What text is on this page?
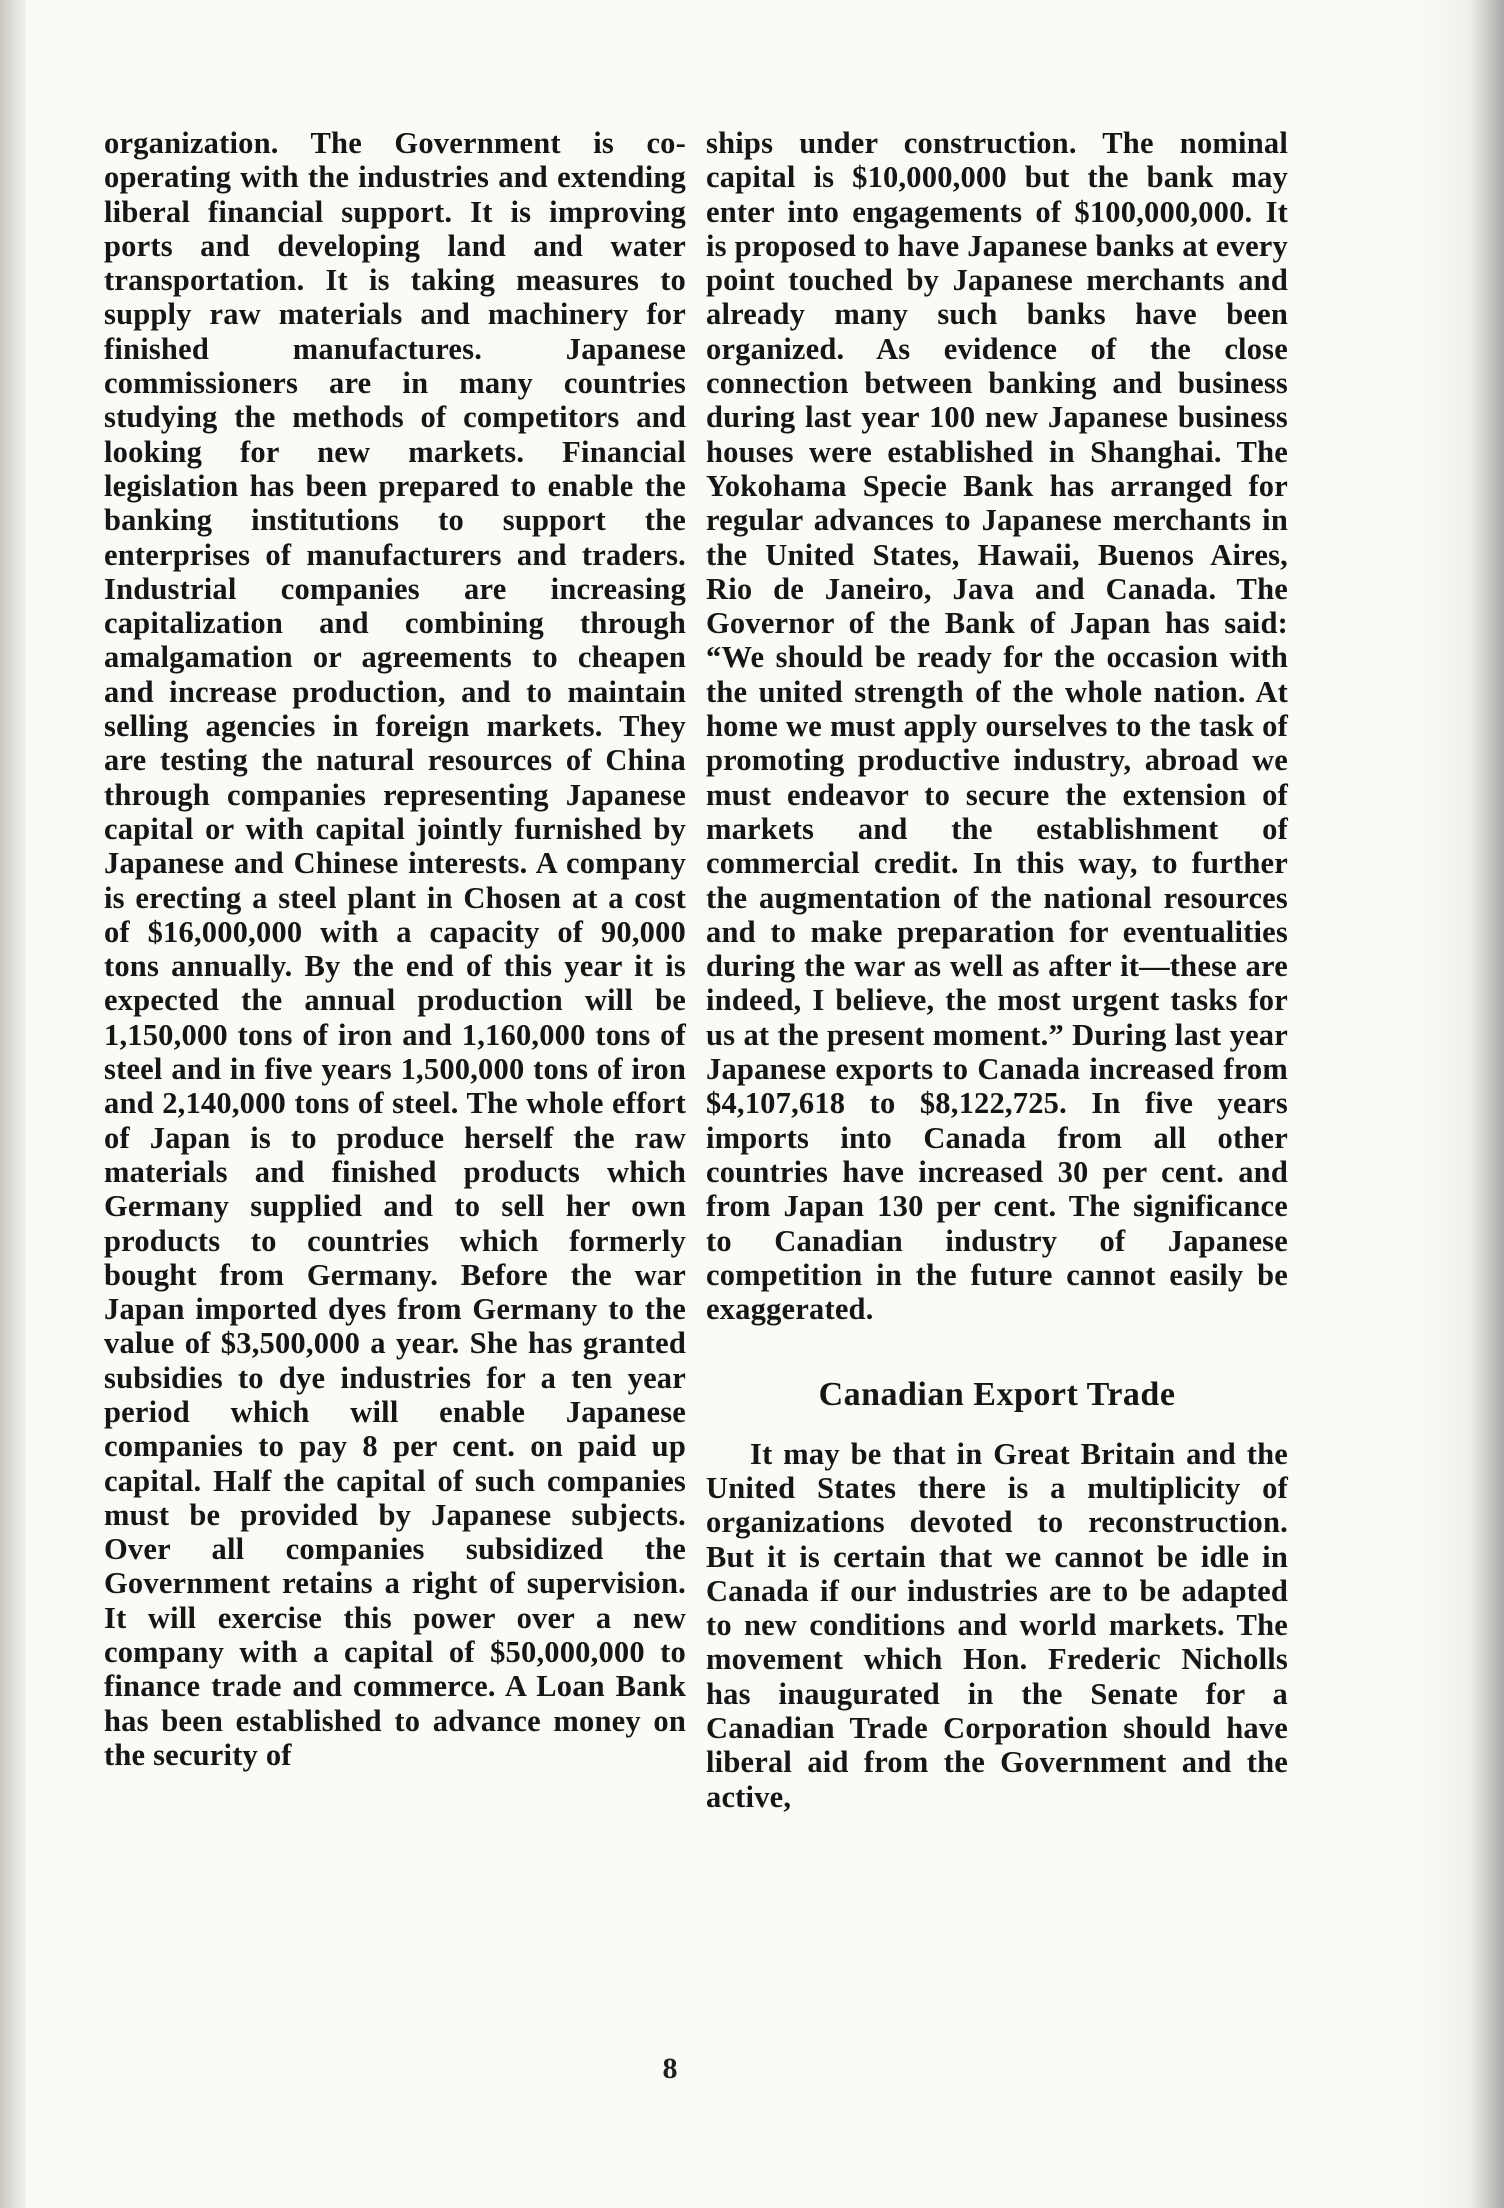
organization. The Government is co-operating with the industries and extending liberal financial support. It is improving ports and developing land and water transportation. It is taking measures to supply raw materials and machinery for finished manufactures. Japanese commissioners are in many countries studying the methods of competitors and looking for new markets. Financial legislation has been prepared to enable the banking institutions to support the enterprises of manufacturers and traders. Industrial companies are increasing capitalization and combining through amalgamation or agreements to cheapen and increase production, and to maintain selling agencies in foreign markets. They are testing the natural resources of China through companies representing Japanese capital or with capital jointly furnished by Japanese and Chinese interests. A company is erecting a steel plant in Chosen at a cost of $16,000,000 with a capacity of 90,000 tons annually. By the end of this year it is expected the annual production will be 1,150,000 tons of iron and 1,160,000 tons of steel and in five years 1,500,000 tons of iron and 2,140,000 tons of steel. The whole effort of Japan is to produce herself the raw materials and finished products which Germany supplied and to sell her own products to countries which formerly bought from Germany. Before the war Japan imported dyes from Germany to the value of $3,500,000 a year. She has granted subsidies to dye industries for a ten year period which will enable Japanese companies to pay 8 per cent. on paid up capital. Half the capital of such companies must be provided by Japanese subjects. Over all companies subsidized the Government retains a right of supervision. It will exercise this power over a new company with a capital of $50,000,000 to finance trade and commerce. A Loan Bank has been established to advance money on the security of

ships under construction. The nominal capital is $10,000,000 but the bank may enter into engagements of $100,000,000. It is proposed to have Japanese banks at every point touched by Japanese merchants and already many such banks have been organized. As evidence of the close connection between banking and business during last year 100 new Japanese business houses were established in Shanghai. The Yokohama Specie Bank has arranged for regular advances to Japanese merchants in the United States, Hawaii, Buenos Aires, Rio de Janeiro, Java and Canada. The Governor of the Bank of Japan has said: “We should be ready for the occasion with the united strength of the whole nation. At home we must apply ourselves to the task of promoting productive industry, abroad we must endeavor to secure the extension of markets and the establishment of commercial credit. In this way, to further the augmentation of the national resources and to make preparation for eventualities during the war as well as after it—these are indeed, I believe, the most urgent tasks for us at the present moment.” During last year Japanese exports to Canada increased from $4,107,618 to $8,122,725. In five years imports into Canada from all other countries have increased 30 per cent. and from Japan 130 per cent. The significance to Canadian industry of Japanese competition in the future cannot easily be exaggerated.

Canadian Export Trade

It may be that in Great Britain and the United States there is a multiplicity of organizations devoted to reconstruction. But it is certain that we cannot be idle in Canada if our industries are to be adapted to new conditions and world markets. The movement which Hon. Frederic Nicholls has inaugurated in the Senate for a Canadian Trade Corporation should have liberal aid from the Government and the active,

8
